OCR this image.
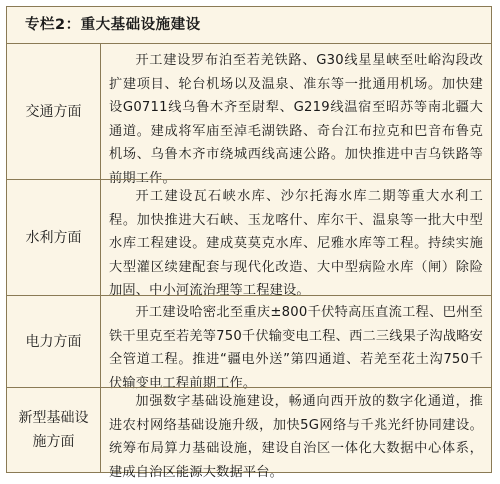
专栏2：重大基础设施建设
交通方面
开工建设罗布泊至若羌铁路、G30线星星峡至吐峪沟段改扩建项目、轮台机场以及温泉、准东等一批通用机场。加快建设G0711线乌鲁木齐至尉犁、G219线温宿至昭苏等南北疆大通道。建成将军庙至淖毛湖铁路、奇台江布拉克和巴音布鲁克机场、乌鲁木齐市绕城西线高速公路。加快推进中吉乌铁路等前期工作。
水利方面
开工建设瓦石峡水库、沙尔托海水库二期等重大水利工程。加快推进大石峡、玉龙喀什、库尔干、温泉等一批大中型水库工程建设。建成莫莫克水库、尼雅水库等工程。持续实施大型灌区续建配套与现代化改造、大中型病险水库（闸）除险加固、中小河流治理等工程建设。
电力方面
开工建设哈密北至重庆±800千伏特高压直流工程、巴州至铁干里克至若羌等750千伏输变电工程、西二三线果子沟战略安全管道工程。推进“疆电外送”第四通道、若羌至花土沟750千伏输变电工程前期工作。
新型基础设施方面
加强数字基础设施建设，畅通向西开放的数字化通道，推进农村网络基础设施升级，加快5G网络与千兆光纤协同建设。统筹布局算力基础设施，建设自治区一体化大数据中心体系，建成自治区能源大数据平台。
